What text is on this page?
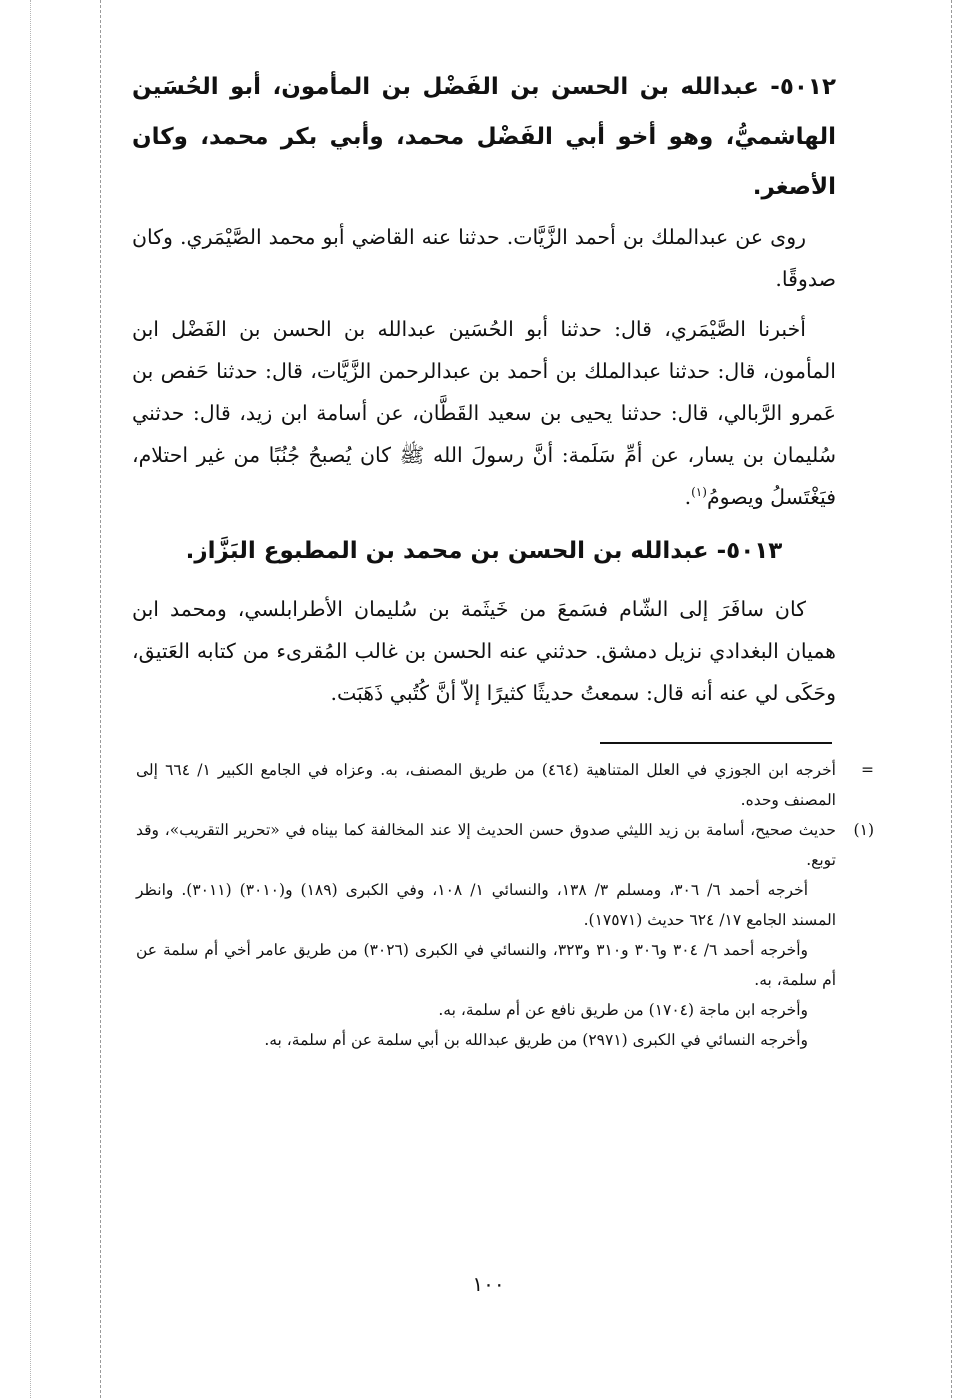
٥٠١٢- عبدالله بن الحسن بن الفَضْل بن المأمون، أبو الحُسَين الهاشميُّ، وهو أخو أبي الفَضْل محمد، وأبي بكر محمد، وكان الأصغر.

روى عن عبدالملك بن أحمد الزَّيَّات. حدثنا عنه القاضي أبو محمد الصَّيْمَري. وكان صدوقًا.

أخبرنا الصَّيْمَري، قال: حدثنا أبو الحُسَين عبدالله بن الحسن بن الفَضْل ابن المأمون، قال: حدثنا عبدالملك بن أحمد بن عبدالرحمن الزَّيَّات، قال: حدثنا حَفص بن عَمرو الرَّبالي، قال: حدثنا يحيى بن سعيد القَطَّان، عن أسامة ابن زيد، قال: حدثني سُليمان بن يسار، عن أمِّ سَلَمة: أنَّ رسولَ الله ﷺ كان يُصبحُ جُنُبًا من غير احتلام، فيَغْتَسلُ ويصومُ$^{(١)}$.

٥٠١٣- عبدالله بن الحسن بن محمد بن المطبوع البَزَّاز.

كان سافَرَ إلى الشّام فسَمعَ من خَيثَمة بن سُليمان الأطرابلسي، ومحمد ابن هميان البغدادي نزيل دمشق. حدثني عنه الحسن بن غالب المُقرىء من كتابه العَتيق، وحَكَى لي عنه أنه قال: سمعتُ حديثًا كثيرًا إلاّ أنَّ كُتُبي ذَهَبَت.

=

أخرجه ابن الجوزي في العلل المتناهية (٤٦٤) من طريق المصنف، به. وعزاه في الجامع الكبير ١/ ٦٦٤ إلى المصنف وحده.

(١)

حديث صحيح، أسامة بن زيد الليثي صدوق حسن الحديث إلا عند المخالفة كما بيناه في «تحرير التقريب»، وقد توبع.

أخرجه أحمد ٦/ ٣٠٦، ومسلم ٣/ ١٣٨، والنسائي ١/ ١٠٨، وفي الكبرى (١٨٩) و(٣٠١٠) (٣٠١١). وانظر المسند الجامع ١٧/ ٦٢٤ حديث (١٧٥٧١).

وأخرجه أحمد ٦/ ٣٠٤ و٣٠٦ و٣١٠ و٣٢٣، والنسائي في الكبرى (٣٠٢٦) من طريق عامر أخي أم سلمة عن أم سلمة، به.

وأخرجه ابن ماجة (١٧٠٤) من طريق نافع عن أم سلمة، به.

وأخرجه النسائي في الكبرى (٢٩٧١) من طريق عبدالله بن أبي سلمة عن أم سلمة، به.

١٠٠
